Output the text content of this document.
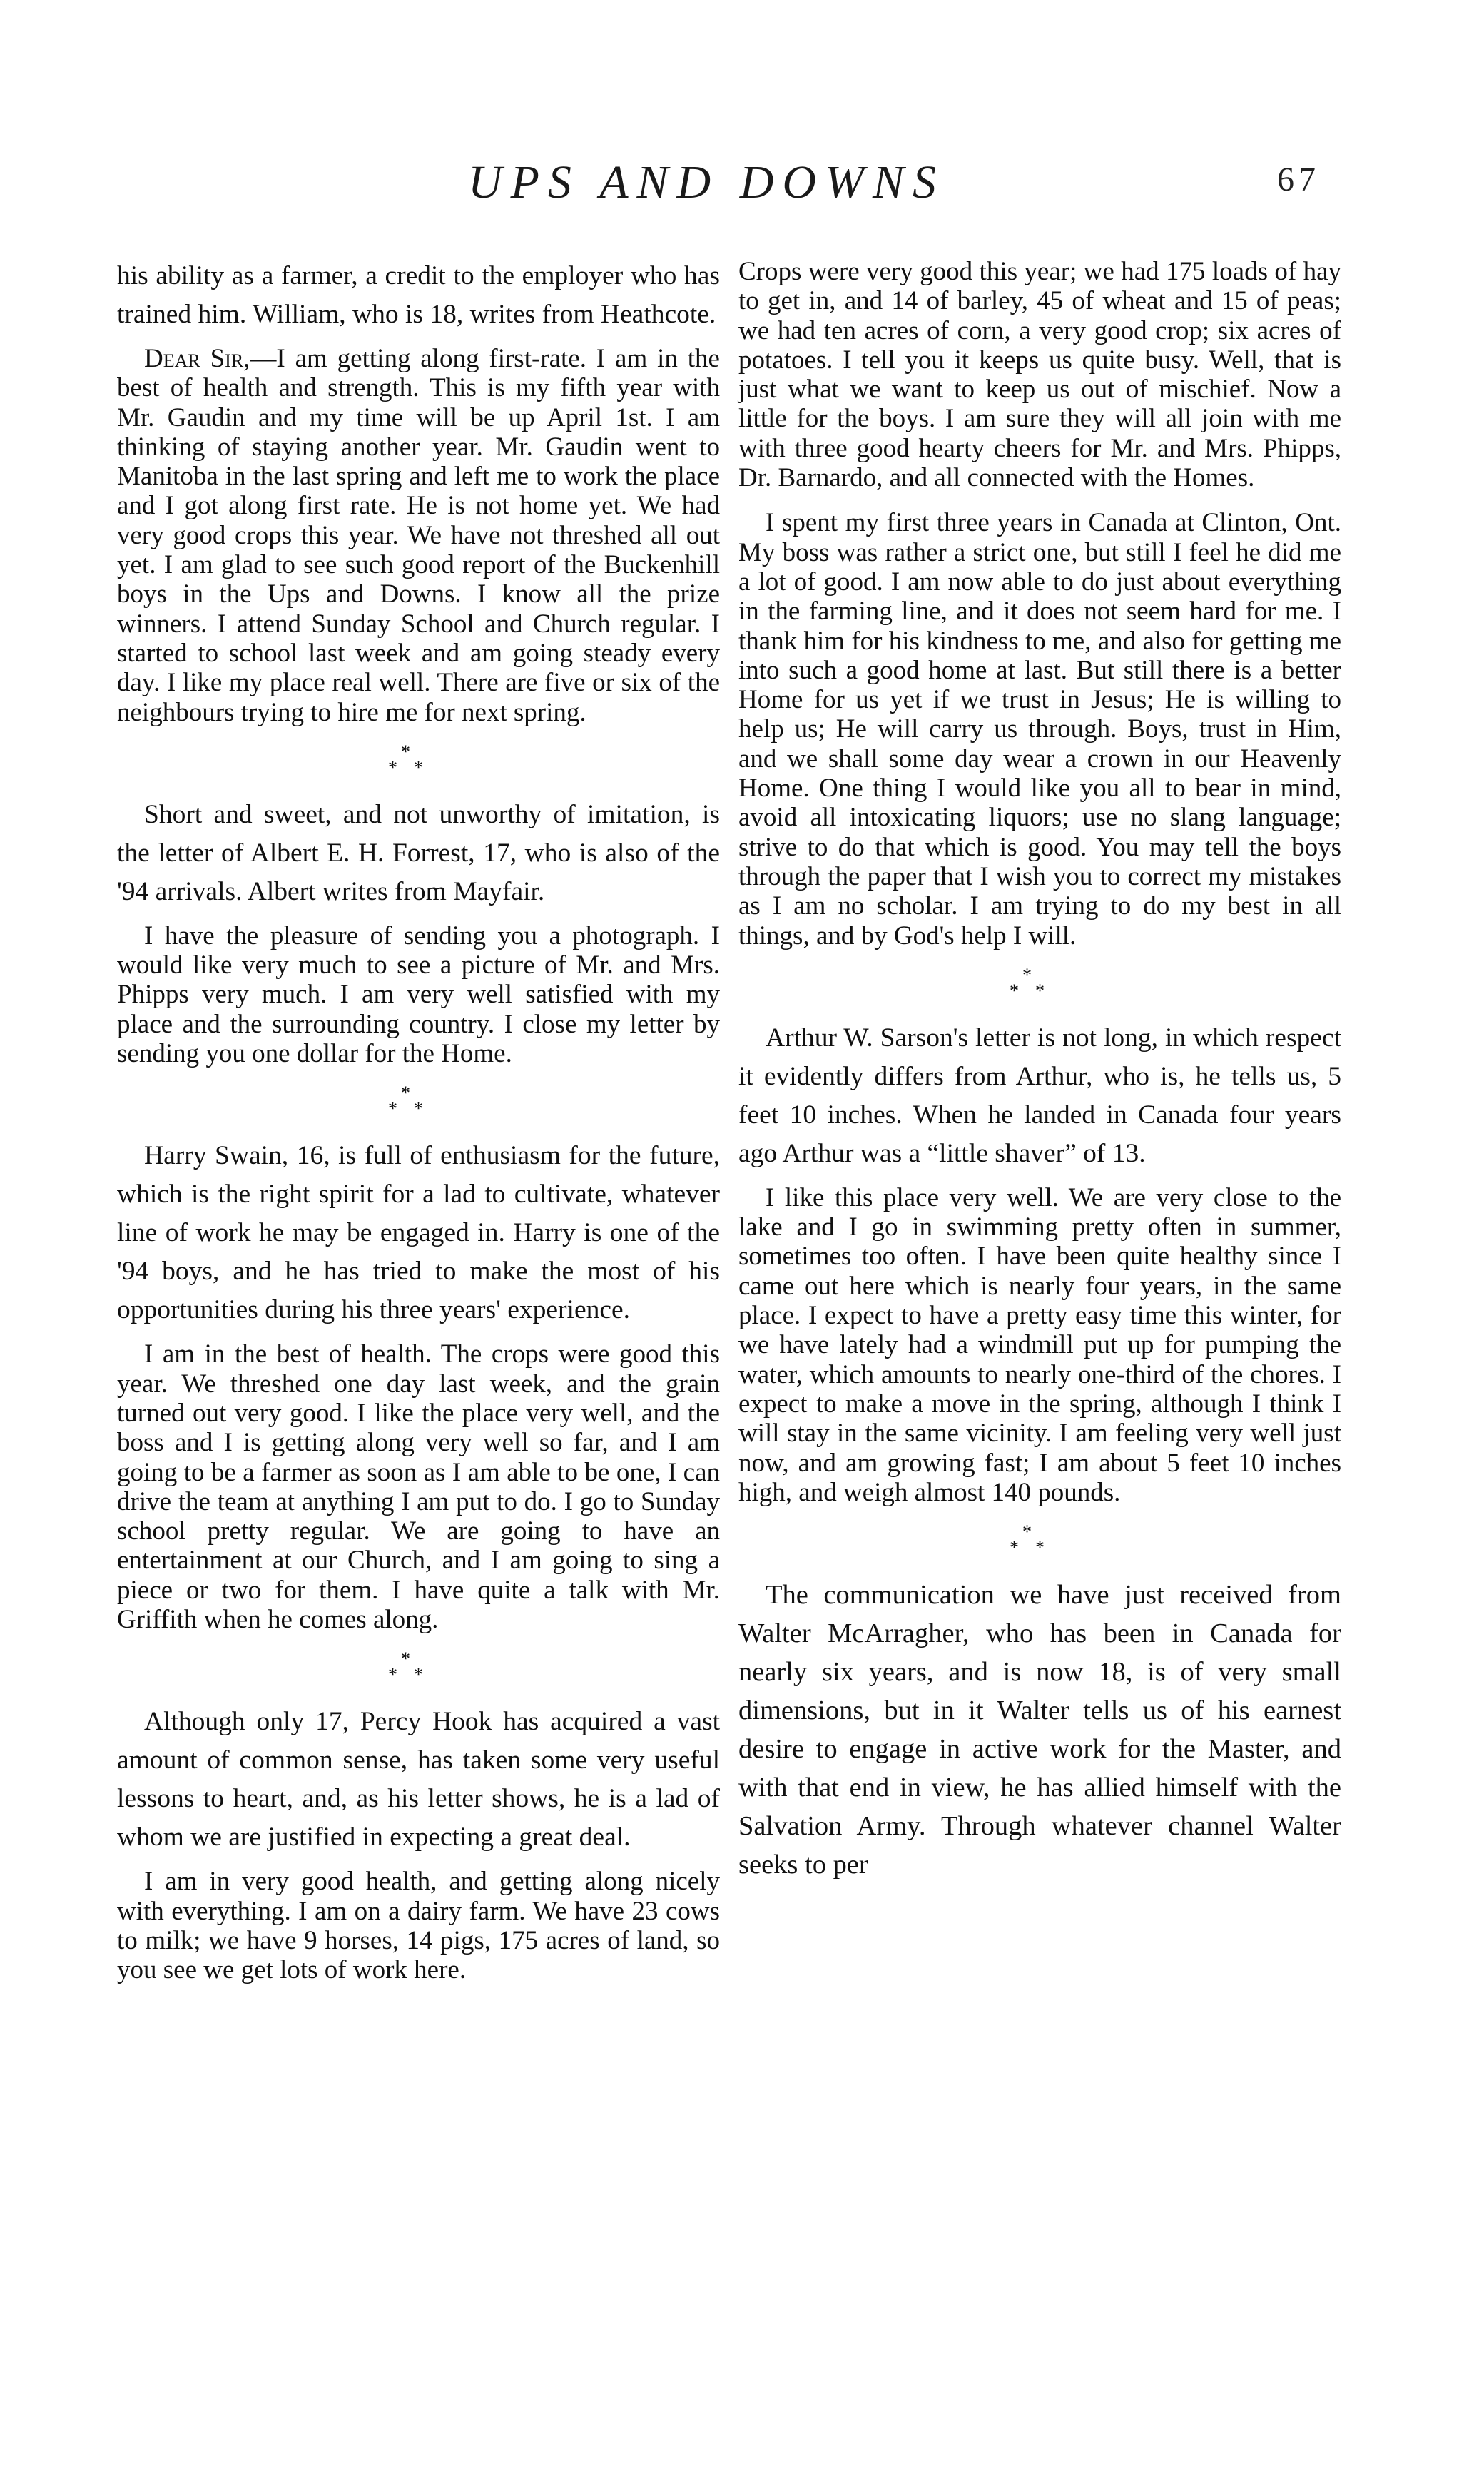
UPS AND DOWNS	67

his ability as a farmer, a credit to the employer who has trained him. William, who is 18, writes from Heathcote.

Dear Sir,—I am getting along first-rate. I am in the best of health and strength. This is my fifth year with Mr. Gaudin and my time will be up April 1st. I am thinking of staying another year. Mr. Gaudin went to Manitoba in the last spring and left me to work the place and I got along first rate. He is not home yet. We had very good crops this year. We have not threshed all out yet. I am glad to see such good report of the Buckenhill boys in the Ups and Downs. I know all the prize winners. I attend Sunday School and Church regular. I started to school last week and am going steady every day. I like my place real well. There are five or six of the neighbours trying to hire me for next spring.

*
* *

Short and sweet, and not unworthy of imitation, is the letter of Albert E. H. Forrest, 17, who is also of the '94 arrivals. Albert writes from Mayfair.

I have the pleasure of sending you a photograph. I would like very much to see a picture of Mr. and Mrs. Phipps very much. I am very well satisfied with my place and the surrounding country. I close my letter by sending you one dollar for the Home.

*
* *

Harry Swain, 16, is full of enthusiasm for the future, which is the right spirit for a lad to cultivate, whatever line of work he may be engaged in. Harry is one of the '94 boys, and he has tried to make the most of his opportunities during his three years' experience.

I am in the best of health. The crops were good this year. We threshed one day last week, and the grain turned out very good. I like the place very well, and the boss and I is getting along very well so far, and I am going to be a farmer as soon as I am able to be one, I can drive the team at anything I am put to do. I go to Sunday school pretty regular. We are going to have an entertainment at our Church, and I am going to sing a piece or two for them. I have quite a talk with Mr. Griffith when he comes along.

*
* *

Although only 17, Percy Hook has acquired a vast amount of common sense, has taken some very useful lessons to heart, and, as his letter shows, he is a lad of whom we are justified in expecting a great deal.

I am in very good health, and getting along nicely with everything. I am on a dairy farm. We have 23 cows to milk; we have 9 horses, 14 pigs, 175 acres of land, so you see we get lots of work here.

Crops were very good this year; we had 175 loads of hay to get in, and 14 of barley, 45 of wheat and 15 of peas; we had ten acres of corn, a very good crop; six acres of potatoes. I tell you it keeps us quite busy. Well, that is just what we want to keep us out of mischief. Now a little for the boys. I am sure they will all join with me with three good hearty cheers for Mr. and Mrs. Phipps, Dr. Barnardo, and all connected with the Homes.

I spent my first three years in Canada at Clinton, Ont. My boss was rather a strict one, but still I feel he did me a lot of good. I am now able to do just about everything in the farming line, and it does not seem hard for me. I thank him for his kindness to me, and also for getting me into such a good home at last. But still there is a better Home for us yet if we trust in Jesus; He is willing to help us; He will carry us through. Boys, trust in Him, and we shall some day wear a crown in our Heavenly Home. One thing I would like you all to bear in mind, avoid all intoxicating liquors; use no slang language; strive to do that which is good. You may tell the boys through the paper that I wish you to correct my mistakes as I am no scholar. I am trying to do my best in all things, and by God's help I will.

*
* *

Arthur W. Sarson's letter is not long, in which respect it evidently differs from Arthur, who is, he tells us, 5 feet 10 inches. When he landed in Canada four years ago Arthur was a “little shaver” of 13.

I like this place very well. We are very close to the lake and I go in swimming pretty often in summer, sometimes too often. I have been quite healthy since I came out here which is nearly four years, in the same place. I expect to have a pretty easy time this winter, for we have lately had a windmill put up for pumping the water, which amounts to nearly one-third of the chores. I expect to make a move in the spring, although I think I will stay in the same vicinity. I am feeling very well just now, and am growing fast; I am about 5 feet 10 inches high, and weigh almost 140 pounds.

*
* *

The communication we have just received from Walter McArragher, who has been in Canada for nearly six years, and is now 18, is of very small dimensions, but in it Walter tells us of his earnest desire to engage in active work for the Master, and with that end in view, he has allied himself with the Salvation Army. Through whatever channel Walter seeks to per
